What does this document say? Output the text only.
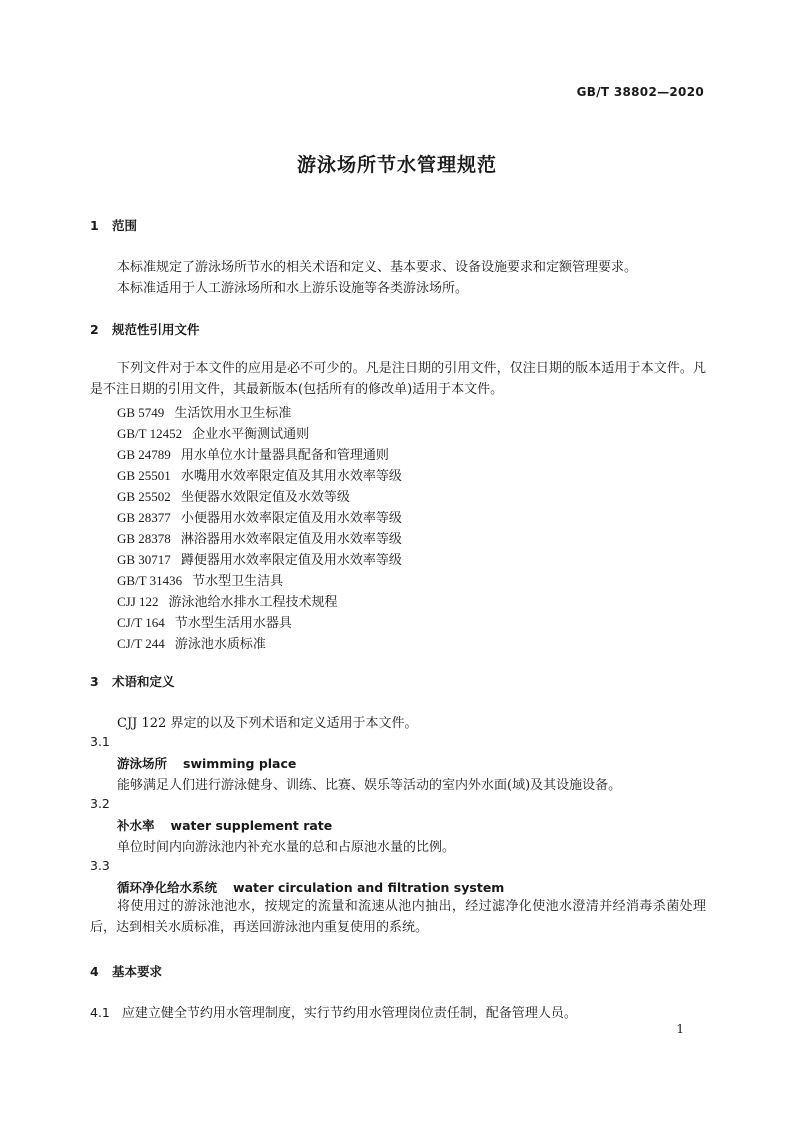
GB/T 38802—2020
游泳场所节水管理规范
1 范围
本标准规定了游泳场所节水的相关术语和定义、基本要求、设备设施要求和定额管理要求。
本标准适用于人工游泳场所和水上游乐设施等各类游泳场所。
2 规范性引用文件
下列文件对于本文件的应用是必不可少的。凡是注日期的引用文件，仅注日期的版本适用于本文件。凡是不注日期的引用文件，其最新版本(包括所有的修改单)适用于本文件。
GB 5749 生活饮用水卫生标准
GB/T 12452 企业水平衡测试通则
GB 24789 用水单位水计量器具配备和管理通则
GB 25501 水嘴用水效率限定值及其用水效率等级
GB 25502 坐便器水效限定值及水效等级
GB 28377 小便器用水效率限定值及用水效率等级
GB 28378 淋浴器用水效率限定值及用水效率等级
GB 30717 蹲便器用水效率限定值及用水效率等级
GB/T 31436 节水型卫生洁具
CJJ 122 游泳池给水排水工程技术规程
CJ/T 164 节水型生活用水器具
CJ/T 244 游泳池水质标准
3 术语和定义
CJJ 122 界定的以及下列术语和定义适用于本文件。
3.1
游泳场所 swimming place
能够满足人们进行游泳健身、训练、比赛、娱乐等活动的室内外水面(域)及其设施设备。
3.2
补水率 water supplement rate
单位时间内向游泳池内补充水量的总和占原池水量的比例。
3.3
循环净化给水系统 water circulation and filtration system
将使用过的游泳池池水，按规定的流量和流速从池内抽出，经过滤净化使池水澄清并经消毒杀菌处理后，达到相关水质标准，再送回游泳池内重复使用的系统。
4 基本要求
4.1 应建立健全节约用水管理制度，实行节约用水管理岗位责任制，配备管理人员。
1
